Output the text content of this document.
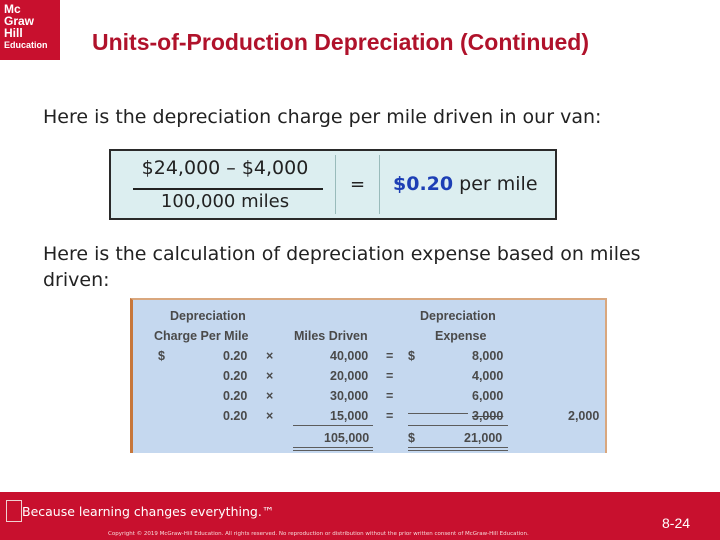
Mc
Graw
Hill
Education	Units-of-Production Depreciation (Continued)
Here is the depreciation charge per mile driven in our van:
$24,000 – $4,000
100,000 miles
=	$0.20 per mile
Here is the calculation of depreciation expense based on miles driven:
Depreciation
Charge Per Mile	Miles Driven
Depreciation
Expense
$	0.20 ×	40,000 = $	8,000
0.20 ×	20,000 =	4,000
0.20 ×	30,000 =	6,000
0.20 ×	15,000 =	3,000	2,000
105,000	$	21,000
Because learning changes everything.™
Copyright © 2019 McGraw-Hill Education. All rights reserved. No reproduction or distribution without the prior written consent of McGraw-Hill Education.
8-24
